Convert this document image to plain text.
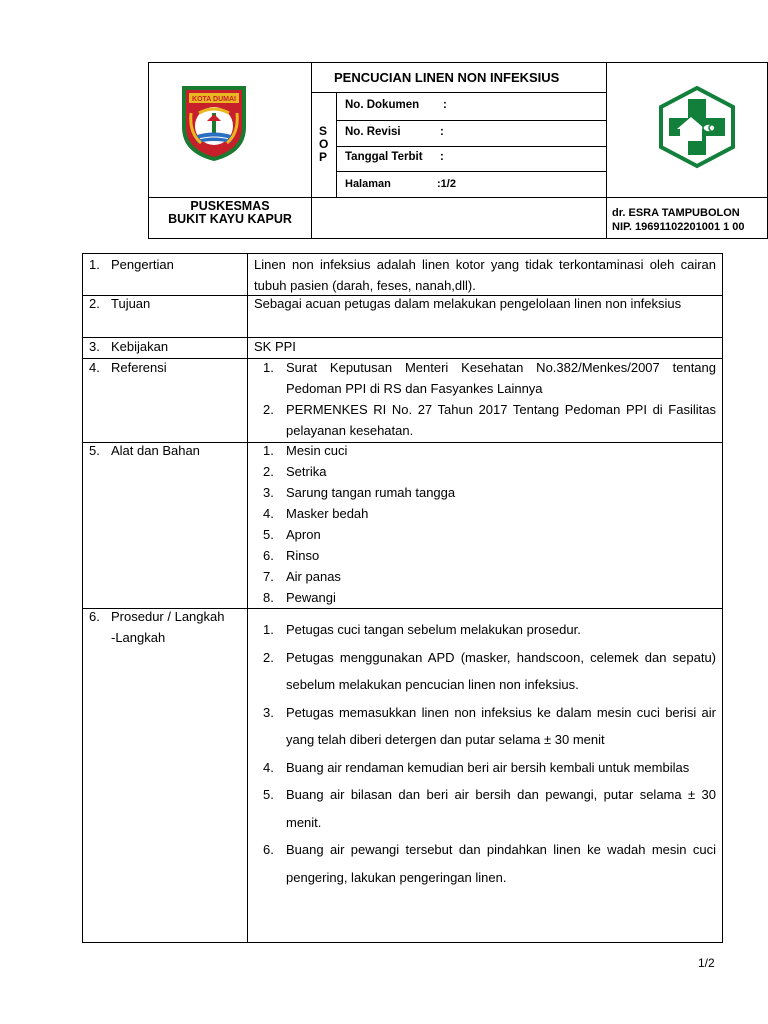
KOTA DUMAI
PENCUCIAN LINEN NON INFEKSIUS
S
O
P
No. Dokumen :
No. Revisi	:
Tanggal Terbit :
Halaman	:1/2
PUSKESMAS
BUKIT KAYU KAPUR	dr. ESRA TAMPUBOLON
NIP. 19691102201001 1 00
1. Pengertian	Linen non infeksius adalah linen kotor yang tidak terkontaminasi oleh cairan tubuh pasien (darah, feses, nanah,dll).
2. Tujuan	Sebagai acuan petugas dalam melakukan pengelolaan linen non infeksius
3. Kebijakan	SK PPI
4. Referensi	1. Surat Keputusan Menteri Kesehatan No.382/Menkes/2007 tentang Pedoman PPI di RS dan Fasyankes Lainnya
2. PERMENKES RI No. 27 Tahun 2017 Tentang Pedoman PPI di Fasilitas pelayanan kesehatan.
5. Alat dan Bahan	1. Mesin cuci
2. Setrika
3. Sarung tangan rumah tangga
4. Masker bedah
5. Apron
6. Rinso
7. Air panas
8. Pewangi
6. Prosedur / Langkah
-Langkah
1. Petugas cuci tangan sebelum melakukan prosedur.
2. Petugas menggunakan APD (masker, handscoon, celemek dan sepatu) sebelum melakukan pencucian linen non infeksius.
3. Petugas memasukkan linen non infeksius ke dalam mesin cuci berisi air yang telah diberi detergen dan putar selama ± 30 menit
4. Buang air rendaman kemudian beri air bersih kembali untuk membilas
5. Buang air bilasan dan beri air bersih dan pewangi, putar selama ± 30 menit.
6. Buang air pewangi tersebut dan pindahkan linen ke wadah mesin cuci pengering, lakukan pengeringan linen.
1/2
